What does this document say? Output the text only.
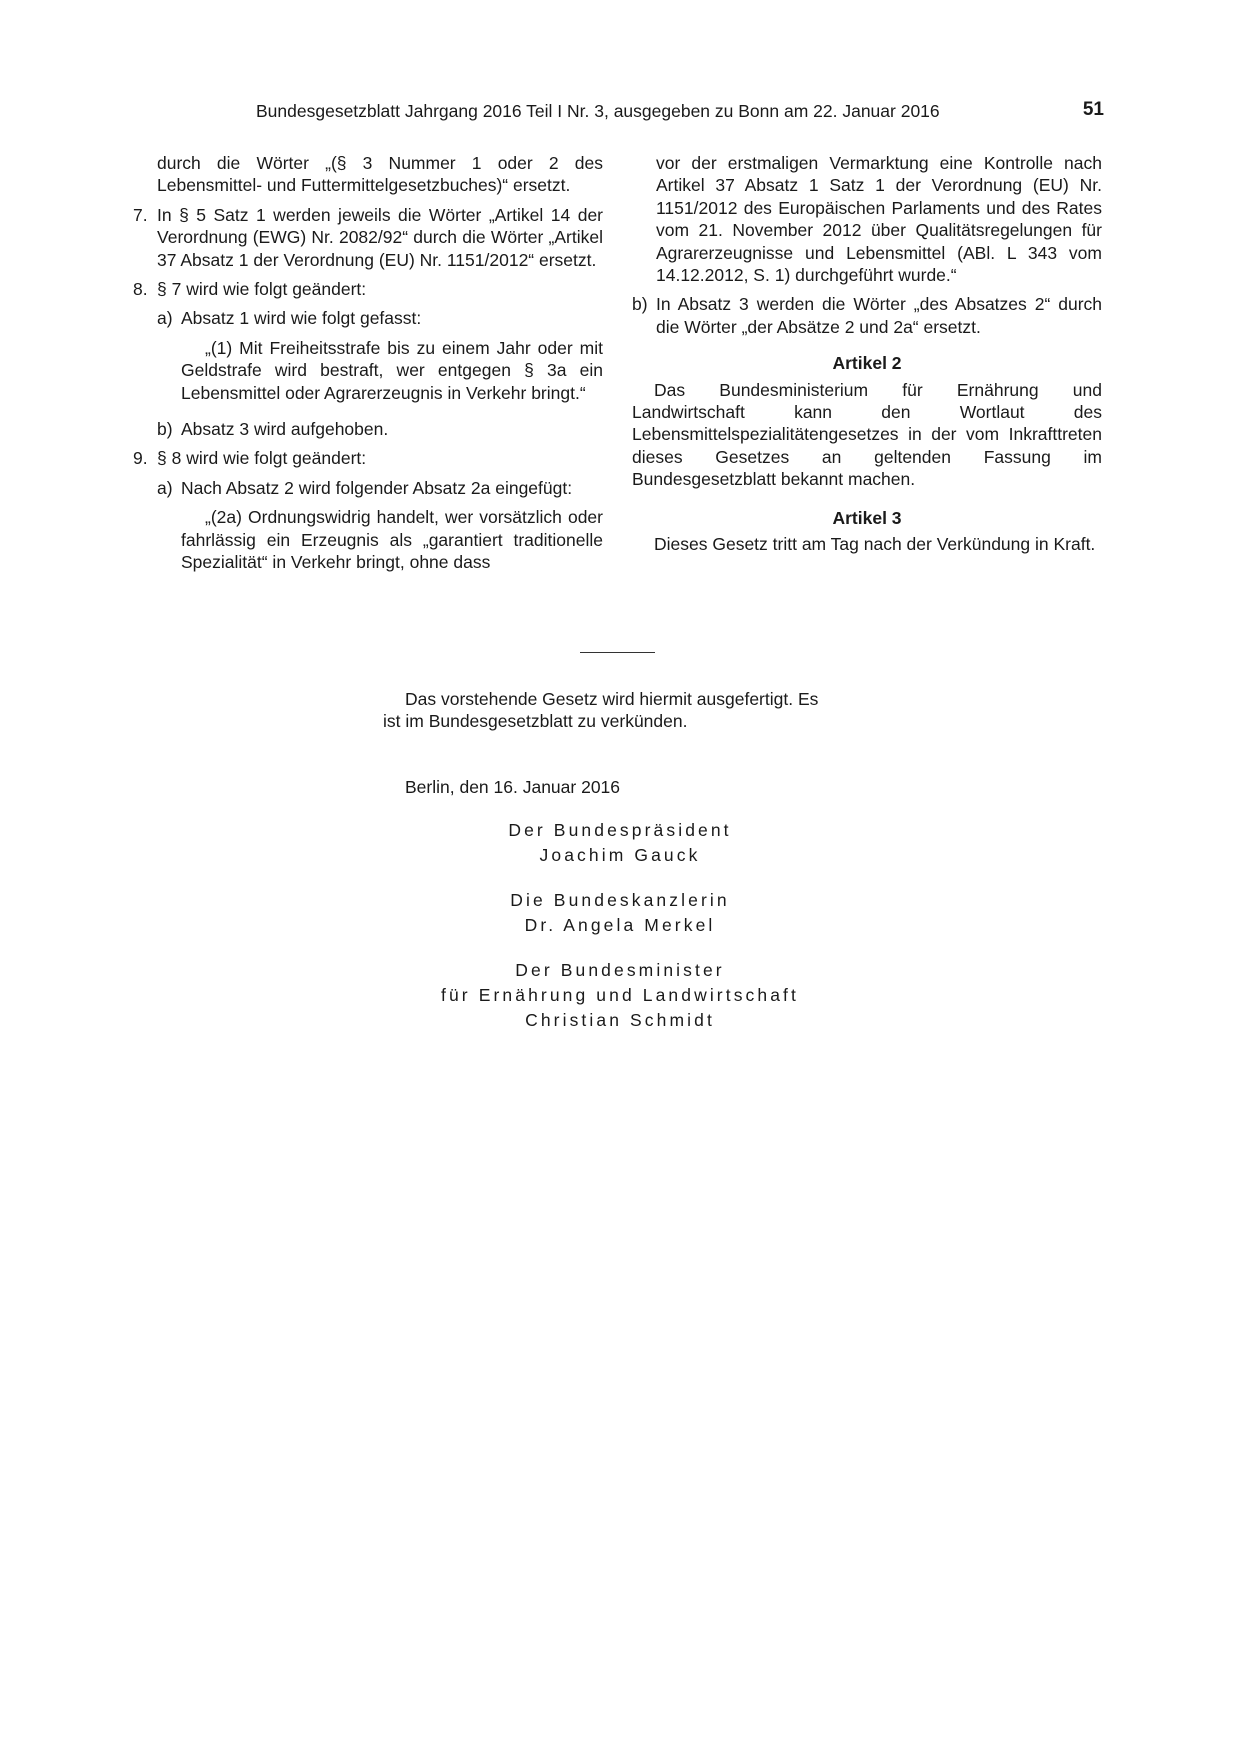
Bundesgesetzblatt Jahrgang 2016 Teil I Nr. 3, ausgegeben zu Bonn am 22. Januar 2016	51

durch die Wörter „(§ 3 Nummer 1 oder 2 des Lebensmittel- und Futtermittelgesetzbuches)“ ersetzt.

7. In § 5 Satz 1 werden jeweils die Wörter „Artikel 14 der Verordnung (EWG) Nr. 2082/92“ durch die Wörter „Artikel 37 Absatz 1 der Verordnung (EU) Nr. 1151/2012“ ersetzt.
8. § 7 wird wie folgt geändert:
a) Absatz 1 wird wie folgt gefasst:
„(1) Mit Freiheitsstrafe bis zu einem Jahr oder mit Geldstrafe wird bestraft, wer entgegen § 3a ein Lebensmittel oder Agrarerzeugnis in Verkehr bringt.“
b) Absatz 3 wird aufgehoben.
9. § 8 wird wie folgt geändert:
a) Nach Absatz 2 wird folgender Absatz 2a eingefügt:
„(2a) Ordnungswidrig handelt, wer vorsätzlich oder fahrlässig ein Erzeugnis als „garantiert traditionelle Spezialität“ in Verkehr bringt, ohne dass

vor der erstmaligen Vermarktung eine Kontrolle nach Artikel 37 Absatz 1 Satz 1 der Verordnung (EU) Nr. 1151/2012 des Europäischen Parlaments und des Rates vom 21. November 2012 über Qualitätsregelungen für Agrarerzeugnisse und Lebensmittel (ABl. L 343 vom 14.12.2012, S. 1) durchgeführt wurde.“

b) In Absatz 3 werden die Wörter „des Absatzes 2“ durch die Wörter „der Absätze 2 und 2a“ ersetzt.
Artikel 2

Das Bundesministerium für Ernährung und Landwirtschaft kann den Wortlaut des Lebensmittelspezialitätengesetzes in der vom Inkrafttreten dieses Gesetzes an geltenden Fassung im Bundesgesetzblatt bekannt machen.

Artikel 3

Dieses Gesetz tritt am Tag nach der Verkündung in Kraft.

Das vorstehende Gesetz wird hiermit ausgefertigt. Es
ist im Bundesgesetzblatt zu verkünden.
Berlin, den 16. Januar 2016
Der Bundespräsident
Joachim Gauck
Die Bundeskanzlerin
Dr. Angela Merkel
Der Bundesminister
für Ernährung und Landwirtschaft
Christian Schmidt
